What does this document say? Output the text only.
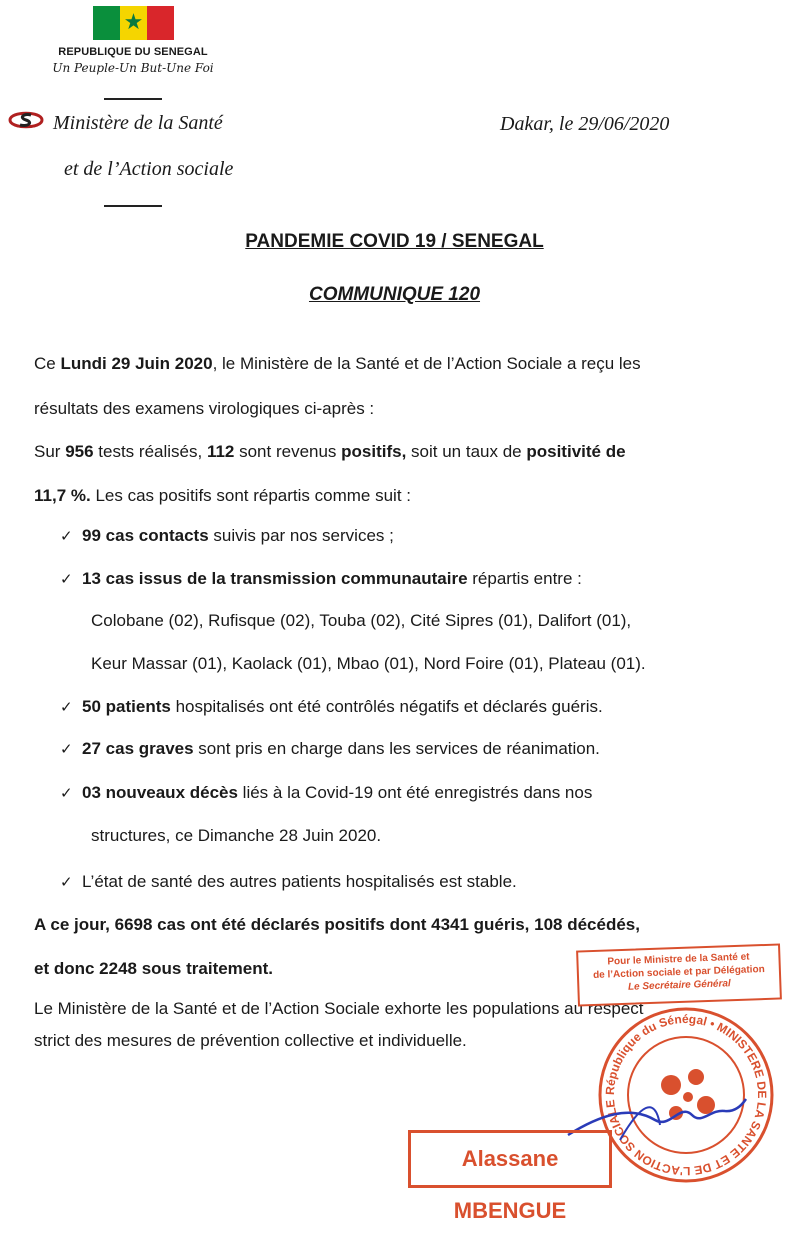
★
REPUBLIQUE DU SENEGAL
Un Peuple-Un But-Une Foi
Ministère de la Santé
et de l’Action sociale
Dakar, le 29/06/2020
PANDEMIE COVID 19 / SENEGAL
COMMUNIQUE 120
Ce Lundi 29 Juin 2020, le Ministère de la Santé et de l’Action Sociale a reçu les
résultats des examens virologiques ci-après :
Sur 956 tests réalisés, 112 sont revenus positifs, soit un taux de positivité de
11,7 %. Les cas positifs sont répartis comme suit :
✓ 99 cas contacts suivis par nos services ;
✓ 13 cas issus de la transmission communautaire répartis entre :
Colobane (02), Rufisque (02), Touba (02), Cité Sipres (01), Dalifort (01),
Keur Massar (01), Kaolack (01), Mbao (01), Nord Foire (01), Plateau (01).
✓ 50 patients hospitalisés ont été contrôlés négatifs et déclarés guéris.
✓ 27 cas graves sont pris en charge dans les services de réanimation.
✓ 03 nouveaux décès liés à la Covid-19 ont été enregistrés dans nos
structures, ce Dimanche 28 Juin 2020.
✓ L’état de santé des autres patients hospitalisés est stable.
A ce jour, 6698 cas ont été déclarés positifs dont 4341 guéris, 108 décédés,
et donc 2248 sous traitement.
Le Ministère de la Santé et de l’Action Sociale exhorte les populations au respect
strict des mesures de prévention collective et individuelle.
Pour le Ministre de la Santé et
de l’Action sociale et par Délégation
Le Secrétaire Général
République du Sénégal • MINISTERE DE LA SANTE ET DE L'ACTION SOCIALE
Alassane MBENGUE
